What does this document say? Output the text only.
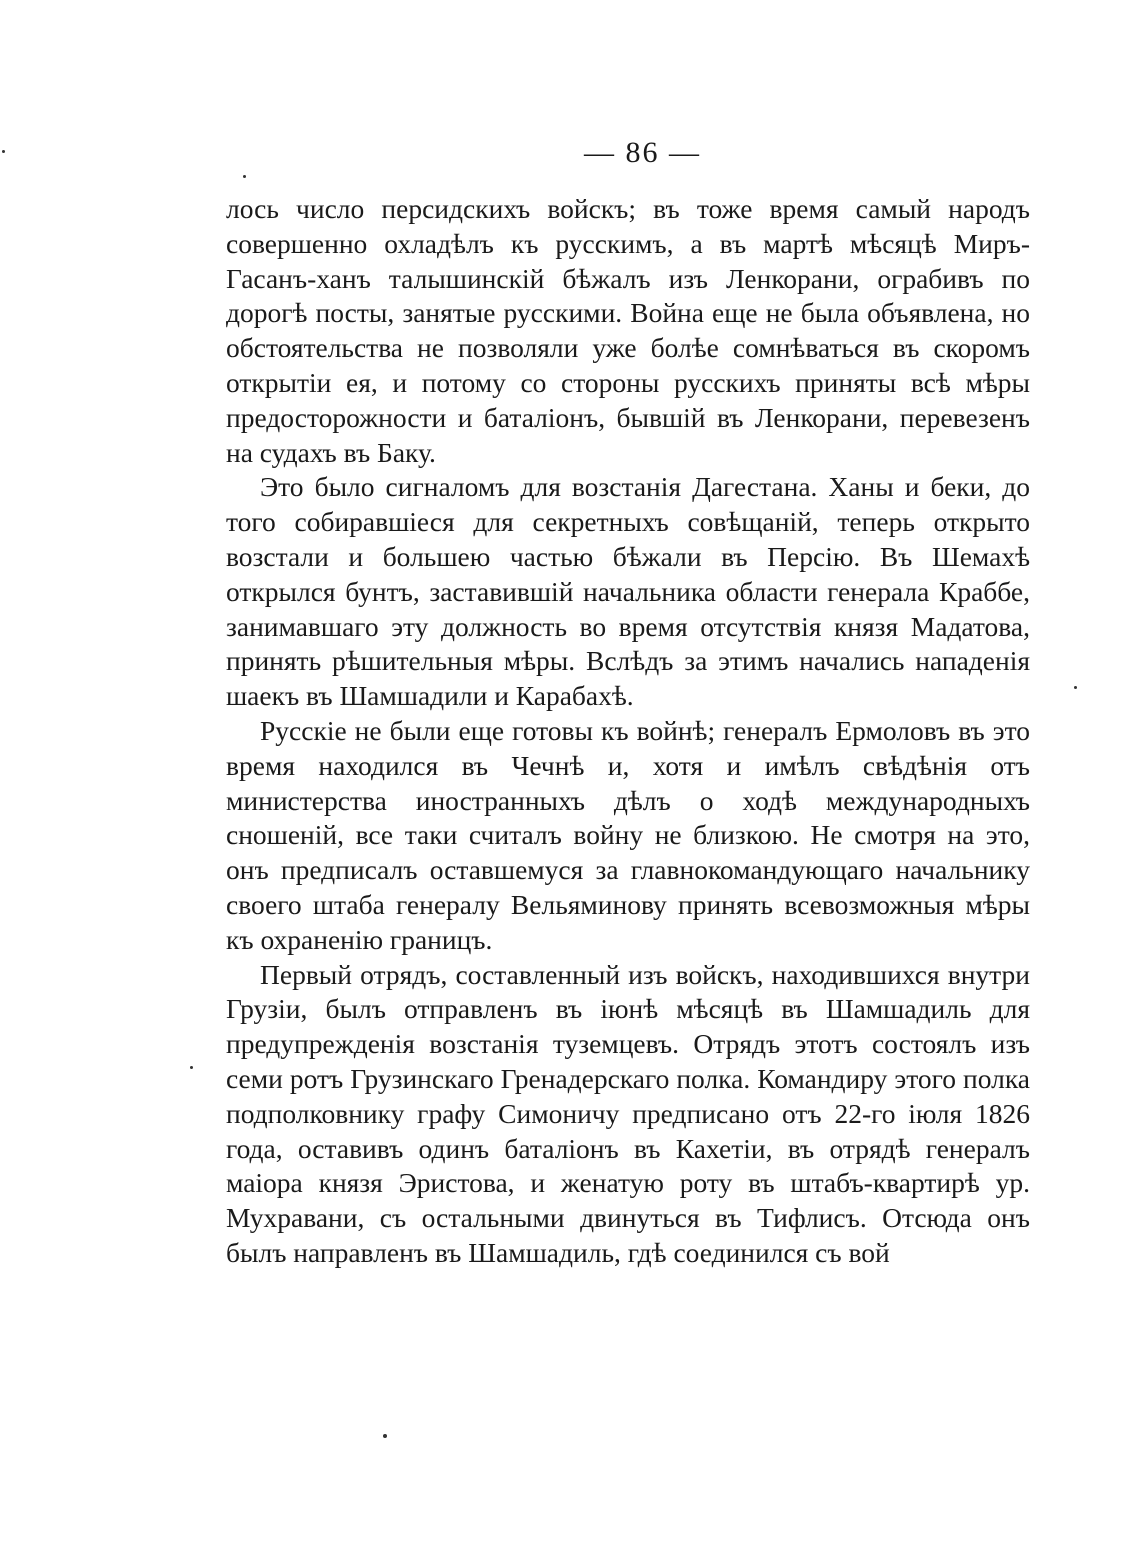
— 86 —

лось число персидскихъ войскъ; въ тоже время самый народъ совершенно охладѣлъ къ русскимъ, а въ мартѣ мѣсяцѣ Миръ-Гасанъ-ханъ талышинскій бѣжалъ изъ Ленкорани, ограбивъ по дорогѣ посты, занятые русскими. Война еще не была объявлена, но обстоятельства не позволяли уже болѣе сомнѣваться въ скоромъ открытіи ея, и потому со стороны русскихъ приняты всѣ мѣры предосторожности и баталіонъ, бывшій въ Ленкорани, перевезенъ на судахъ въ Баку.

Это было сигналомъ для возстанія Дагестана. Ханы и беки, до того собиравшіеся для секретныхъ совѣщаній, теперь открыто возстали и большею частью бѣжали въ Персію. Въ Шемахѣ открылся бунтъ, заставившій начальника области генерала Краббе, занимавшаго эту должность во время отсутствія князя Мадатова, принять рѣшительныя мѣры. Вслѣдъ за этимъ начались нападенія шаекъ въ Шамшадили и Карабахѣ.

Русскіе не были еще готовы къ войнѣ; генералъ Ермоловъ въ это время находился въ Чечнѣ и, хотя и имѣлъ свѣдѣнія отъ министерства иностранныхъ дѣлъ о ходѣ международныхъ сношеній, все таки считалъ войну не близкою. Не смотря на это, онъ предписалъ оставшемуся за главнокомандующаго начальнику своего штаба генералу Вельяминову принять всевозможныя мѣры къ охраненію границъ.

Первый отрядъ, составленный изъ войскъ, находившихся внутри Грузіи, былъ отправленъ въ іюнѣ мѣсяцѣ въ Шамшадиль для предупрежденія возстанія туземцевъ. Отрядъ этотъ состоялъ изъ семи ротъ Грузинскаго Гренадерскаго полка. Командиру этого полка подполковнику графу Симоничу предписано отъ 22-го іюля 1826 года, оставивъ одинъ баталіонъ въ Кахетіи, въ отрядѣ генералъ маіора князя Эристова, и женатую роту въ штабъ-квартирѣ ур. Мухравани, съ остальными двинуться въ Тифлисъ. Отсюда онъ былъ направленъ въ Шамшадиль, гдѣ соединился съ вой
